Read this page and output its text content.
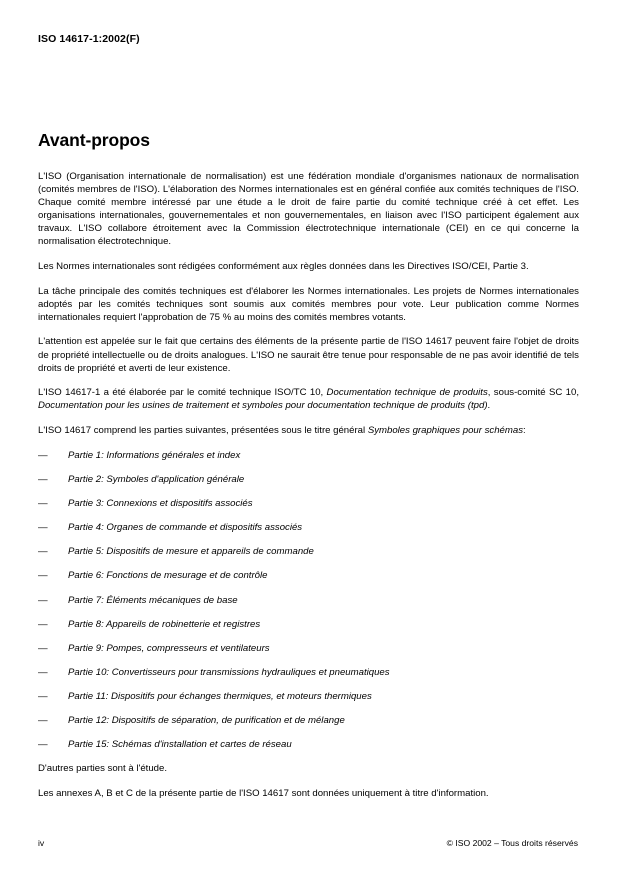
ISO 14617-1:2002(F)
Avant-propos

L'ISO (Organisation internationale de normalisation) est une fédération mondiale d'organismes nationaux de normalisation (comités membres de l'ISO). L'élaboration des Normes internationales est en général confiée aux comités techniques de l'ISO. Chaque comité membre intéressé par une étude a le droit de faire partie du comité technique créé à cet effet. Les organisations internationales, gouvernementales et non gouvernementales, en liaison avec l'ISO participent également aux travaux. L'ISO collabore étroitement avec la Commission électrotechnique internationale (CEI) en ce qui concerne la normalisation électrotechnique.

Les Normes internationales sont rédigées conformément aux règles données dans les Directives ISO/CEI, Partie 3.

La tâche principale des comités techniques est d'élaborer les Normes internationales. Les projets de Normes internationales adoptés par les comités techniques sont soumis aux comités membres pour vote. Leur publication comme Normes internationales requiert l'approbation de 75 % au moins des comités membres votants.

L'attention est appelée sur le fait que certains des éléments de la présente partie de l'ISO 14617 peuvent faire l'objet de droits de propriété intellectuelle ou de droits analogues. L'ISO ne saurait être tenue pour responsable de ne pas avoir identifié de tels droits de propriété et averti de leur existence.

L'ISO 14617-1 a été élaborée par le comité technique ISO/TC 10, Documentation technique de produits, sous-comité SC 10, Documentation pour les usines de traitement et symboles pour documentation technique de produits (tpd).

L'ISO 14617 comprend les parties suivantes, présentées sous le titre général Symboles graphiques pour schémas:

— Partie 1: Informations générales et index
— Partie 2: Symboles d'application générale
— Partie 3: Connexions et dispositifs associés
— Partie 4: Organes de commande et dispositifs associés
— Partie 5: Dispositifs de mesure et appareils de commande
— Partie 6: Fonctions de mesurage et de contrôle
— Partie 7: Éléments mécaniques de base
— Partie 8: Appareils de robinetterie et registres
— Partie 9: Pompes, compresseurs et ventilateurs
— Partie 10: Convertisseurs pour transmissions hydrauliques et pneumatiques
— Partie 11: Dispositifs pour échanges thermiques, et moteurs thermiques
— Partie 12: Dispositifs de séparation, de purification et de mélange
— Partie 15: Schémas d'installation et cartes de réseau

D'autres parties sont à l'étude.

Les annexes A, B et C de la présente partie de l'ISO 14617 sont données uniquement à titre d'information.

iv	© ISO 2002 – Tous droits réservés
